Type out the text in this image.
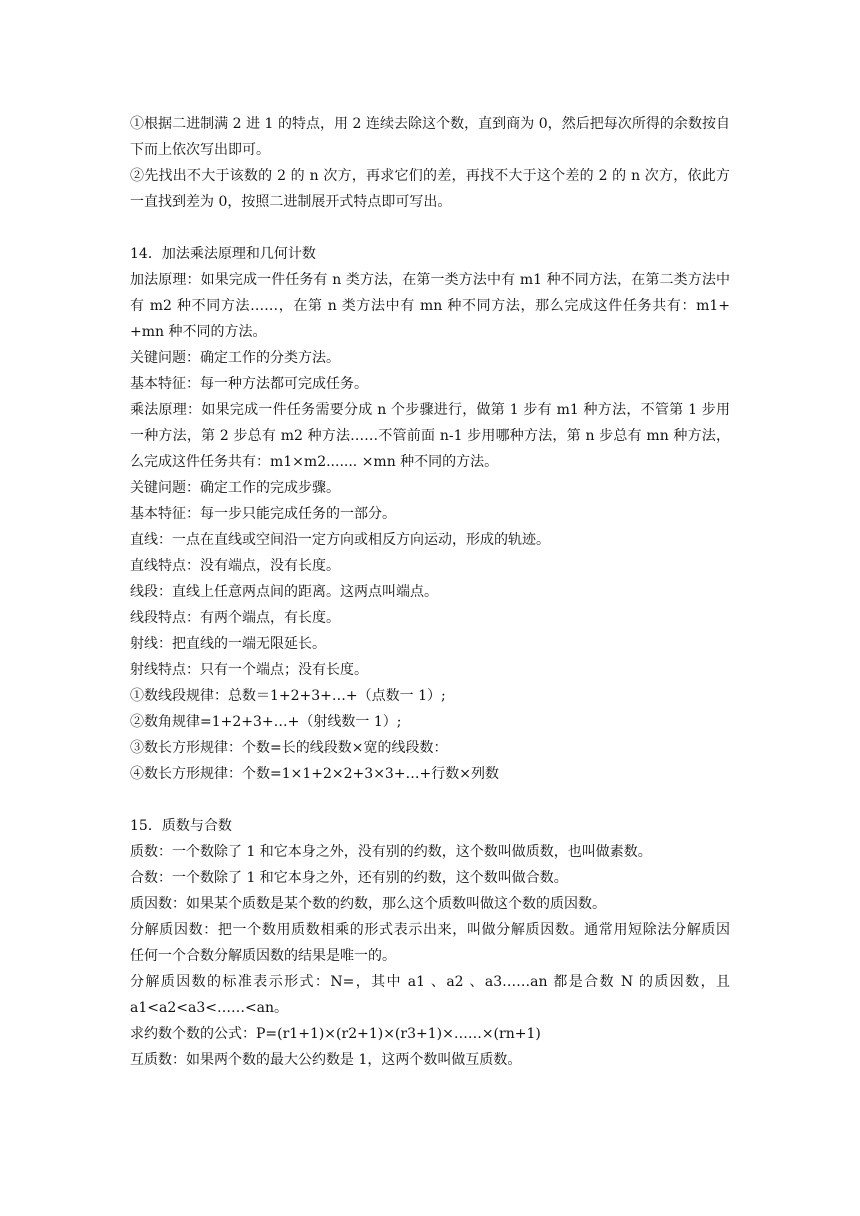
①根据二进制满 2 进 1 的特点，用 2 连续去除这个数，直到商为 0，然后把每次所得的余数按自
下而上依次写出即可。
②先找出不大于该数的 2 的 n 次方，再求它们的差，再找不大于这个差的 2 的 n 次方，依此方
一直找到差为 0，按照二进制展开式特点即可写出。
14．加法乘法原理和几何计数
加法原理：如果完成一件任务有 n 类方法，在第一类方法中有 m1 种不同方法，在第二类方法中
有 m2 种不同方法……，在第 n 类方法中有 mn 种不同方法，那么完成这件任务共有：m1+
+mn 种不同的方法。
关键问题：确定工作的分类方法。
基本特征：每一种方法都可完成任务。
乘法原理：如果完成一件任务需要分成 n 个步骤进行，做第 1 步有 m1 种方法，不管第 1 步用
一种方法，第 2 步总有 m2 种方法……不管前面 n-1 步用哪种方法，第 n 步总有 mn 种方法，
么完成这件任务共有：m1×m2....... ×mn 种不同的方法。
关键问题：确定工作的完成步骤。
基本特征：每一步只能完成任务的一部分。
直线：一点在直线或空间沿一定方向或相反方向运动，形成的轨迹。
直线特点：没有端点，没有长度。
线段：直线上任意两点间的距离。这两点叫端点。
线段特点：有两个端点，有长度。
射线：把直线的一端无限延长。
射线特点：只有一个端点；没有长度。
①数线段规律：总数＝1+2+3+…+（点数一 1）;
②数角规律=1+2+3+…+（射线数一 1）;
③数长方形规律：个数=长的线段数×宽的线段数：
④数长方形规律：个数=1×1+2×2+3×3+…+行数×列数
15．质数与合数
质数：一个数除了 1 和它本身之外，没有别的约数，这个数叫做质数，也叫做素数。
合数：一个数除了 1 和它本身之外，还有别的约数，这个数叫做合数。
质因数：如果某个质数是某个数的约数，那么这个质数叫做这个数的质因数。
分解质因数：把一个数用质数相乘的形式表示出来，叫做分解质因数。通常用短除法分解质因
任何一个合数分解质因数的结果是唯一的。
分解质因数的标准表示形式：N=，其中 a1 、a2 、a3……an 都是合数 N 的质因数，且
a1<a2<a3<……<an。
求约数个数的公式：P=(r1+1)×(r2+1)×(r3+1)×……×(rn+1)
互质数：如果两个数的最大公约数是 1，这两个数叫做互质数。
